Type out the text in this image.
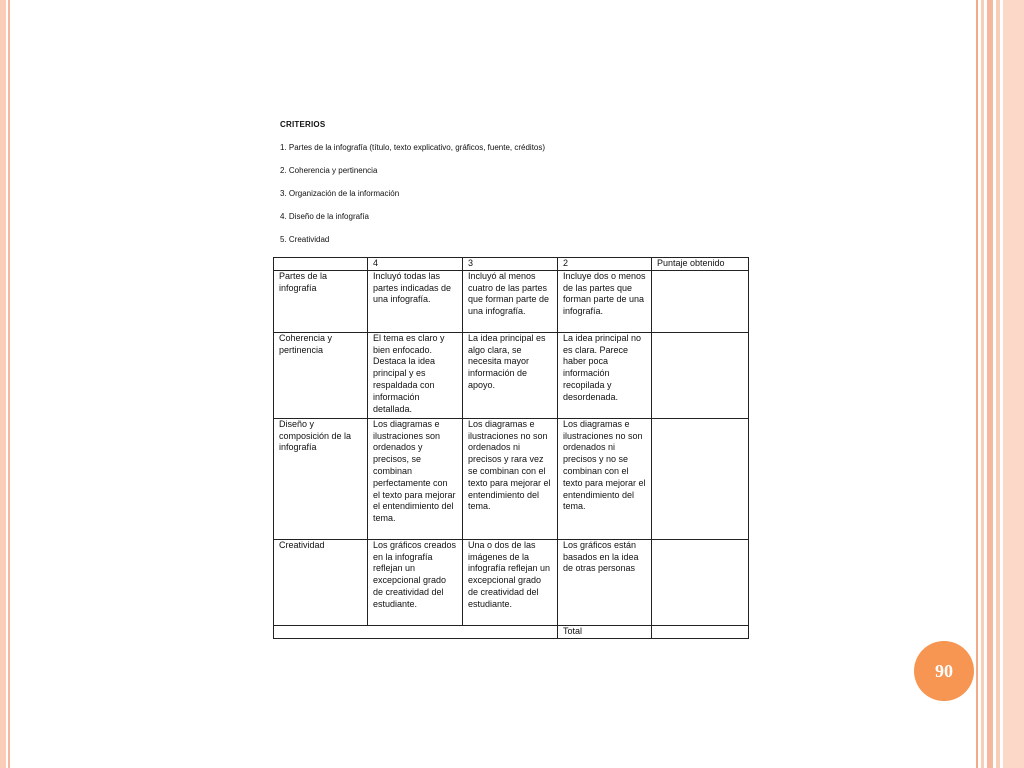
CRITERIOS
1. Partes de la infografía (título, texto explicativo, gráficos, fuente, créditos)
2. Coherencia y pertinencia
3. Organización de la información
4. Diseño de la infografía
5. Creatividad
	4	3	2	Puntaje obtenido
Partes de la infografía	Incluyó todas las partes indicadas de una infografía.	Incluyó al menos cuatro de las partes que forman parte de una infografía.	Incluye dos o menos de las partes que forman parte de una infografía.	
Coherencia y pertinencia	El tema es claro y bien enfocado. Destaca la idea principal y es respaldada con información detallada.	La idea principal es algo clara, se necesita mayor información de apoyo.	La idea principal no es clara. Parece haber poca información recopilada y desordenada.	
Diseño y composición de la infografía	Los diagramas e ilustraciones son ordenados y precisos, se combinan perfectamente con el texto para mejorar el entendimiento del tema.	Los diagramas e ilustraciones no son ordenados ni precisos y rara vez se combinan con el texto para mejorar el entendimiento del tema.	Los diagramas e ilustraciones no son ordenados ni precisos y no se combinan con el texto para mejorar el entendimiento del tema.	
Creatividad	Los gráficos creados en la infografía reflejan un excepcional grado de creatividad del estudiante.	Una o dos de las imágenes de la infografía reflejan un excepcional grado de creatividad del estudiante.	Los gráficos están basados en la idea de otras personas	
			Total	
90
